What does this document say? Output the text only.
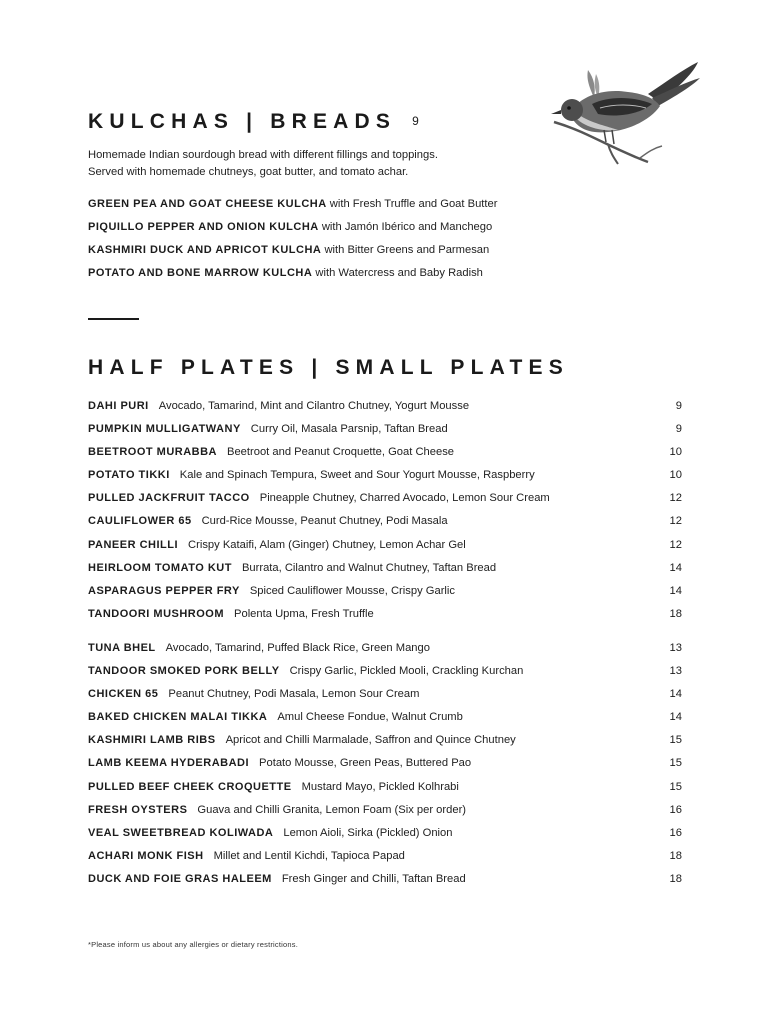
KULCHAS | BREADS 9
Homemade Indian sourdough bread with different fillings and toppings.
Served with homemade chutneys, goat butter, and tomato achar.
GREEN PEA AND GOAT CHEESE KULCHA with Fresh Truffle and Goat Butter
PIQUILLO PEPPER AND ONION KULCHA with Jamón Ibérico and Manchego
KASHMIRI DUCK AND APRICOT KULCHA with Bitter Greens and Parmesan
POTATO AND BONE MARROW KULCHA with Watercress and Baby Radish
HALF PLATES | SMALL PLATES
DAHI PURI Avocado, Tamarind, Mint and Cilantro Chutney, Yogurt Mousse	9
PUMPKIN MULLIGATWANY Curry Oil, Masala Parsnip, Taftan Bread	9
BEETROOT MURABBA Beetroot and Peanut Croquette, Goat Cheese	10
POTATO TIKKI Kale and Spinach Tempura, Sweet and Sour Yogurt Mousse, Raspberry	10
PULLED JACKFRUIT TACCO Pineapple Chutney, Charred Avocado, Lemon Sour Cream	12
CAULIFLOWER 65 Curd-Rice Mousse, Peanut Chutney, Podi Masala	12
PANEER CHILLI Crispy Kataifi, Alam (Ginger) Chutney, Lemon Achar Gel	12
HEIRLOOM TOMATO KUT Burrata, Cilantro and Walnut Chutney, Taftan Bread	14
ASPARAGUS PEPPER FRY Spiced Cauliflower Mousse, Crispy Garlic	14
TANDOORI MUSHROOM Polenta Upma, Fresh Truffle	18
TUNA BHEL Avocado, Tamarind, Puffed Black Rice, Green Mango	13
TANDOOR SMOKED PORK BELLY Crispy Garlic, Pickled Mooli, Crackling Kurchan	13
CHICKEN 65 Peanut Chutney, Podi Masala, Lemon Sour Cream	14
BAKED CHICKEN MALAI TIKKA Amul Cheese Fondue, Walnut Crumb	14
KASHMIRI LAMB RIBS Apricot and Chilli Marmalade, Saffron and Quince Chutney	15
LAMB KEEMA HYDERABADI Potato Mousse, Green Peas, Buttered Pao	15
PULLED BEEF CHEEK CROQUETTE Mustard Mayo, Pickled Kolhrabi	15
FRESH OYSTERS Guava and Chilli Granita, Lemon Foam (Six per order)	16
VEAL SWEETBREAD KOLIWADA Lemon Aioli, Sirka (Pickled) Onion	16
ACHARI MONK FISH Millet and Lentil Kichdi, Tapioca Papad	18
DUCK AND FOIE GRAS HALEEM Fresh Ginger and Chilli, Taftan Bread	18
*Please inform us about any allergies or dietary restrictions.
